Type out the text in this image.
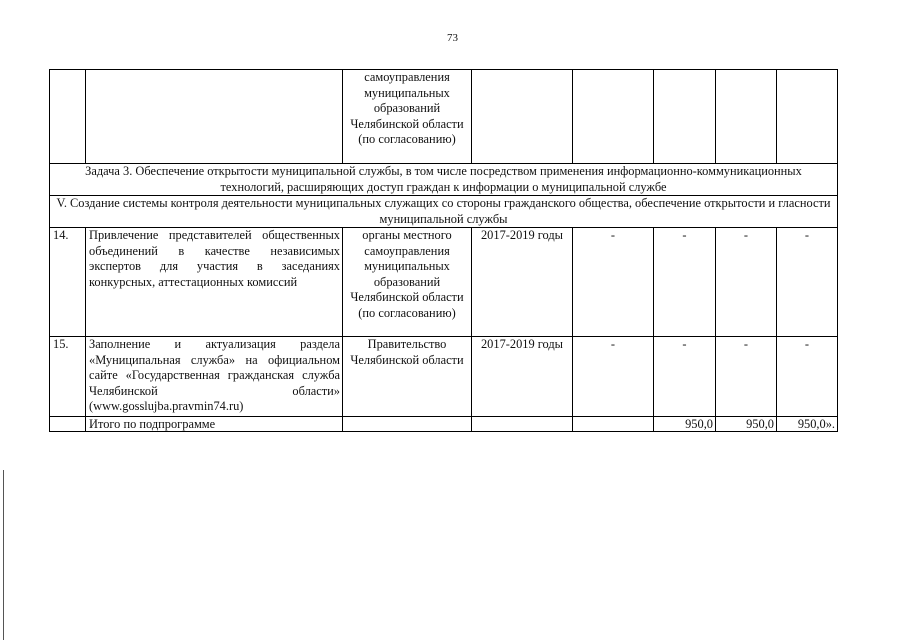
73
		самоуправления муниципальных образований Челябинской области (по согласованию)					
Задача 3. Обеспечение открытости муниципальной службы, в том числе посредством применения информационно-коммуникационных технологий, расширяющих доступ граждан к информации о муниципальной службе							
V. Создание системы контроля деятельности муниципальных служащих со стороны гражданского общества, обеспечение открытости и гласности муниципальной службы							
14.	Привлечение представителей общественных объединений в качестве независимых экспертов для участия в заседаниях конкурсных, аттестационных комиссий	органы местного самоуправления муниципальных образований Челябинской области (по согласованию)	2017-2019 годы	-	-	-	-
15.	Заполнение и актуализация раздела «Муниципальная служба» на официальном сайте «Государственная гражданская служба Челябинской области» (www.gosslujba.pravmin74.ru)	Правительство Челябинской области	2017-2019 годы	-	-	-	-
	Итого по подпрограмме				950,0	950,0	950,0».
